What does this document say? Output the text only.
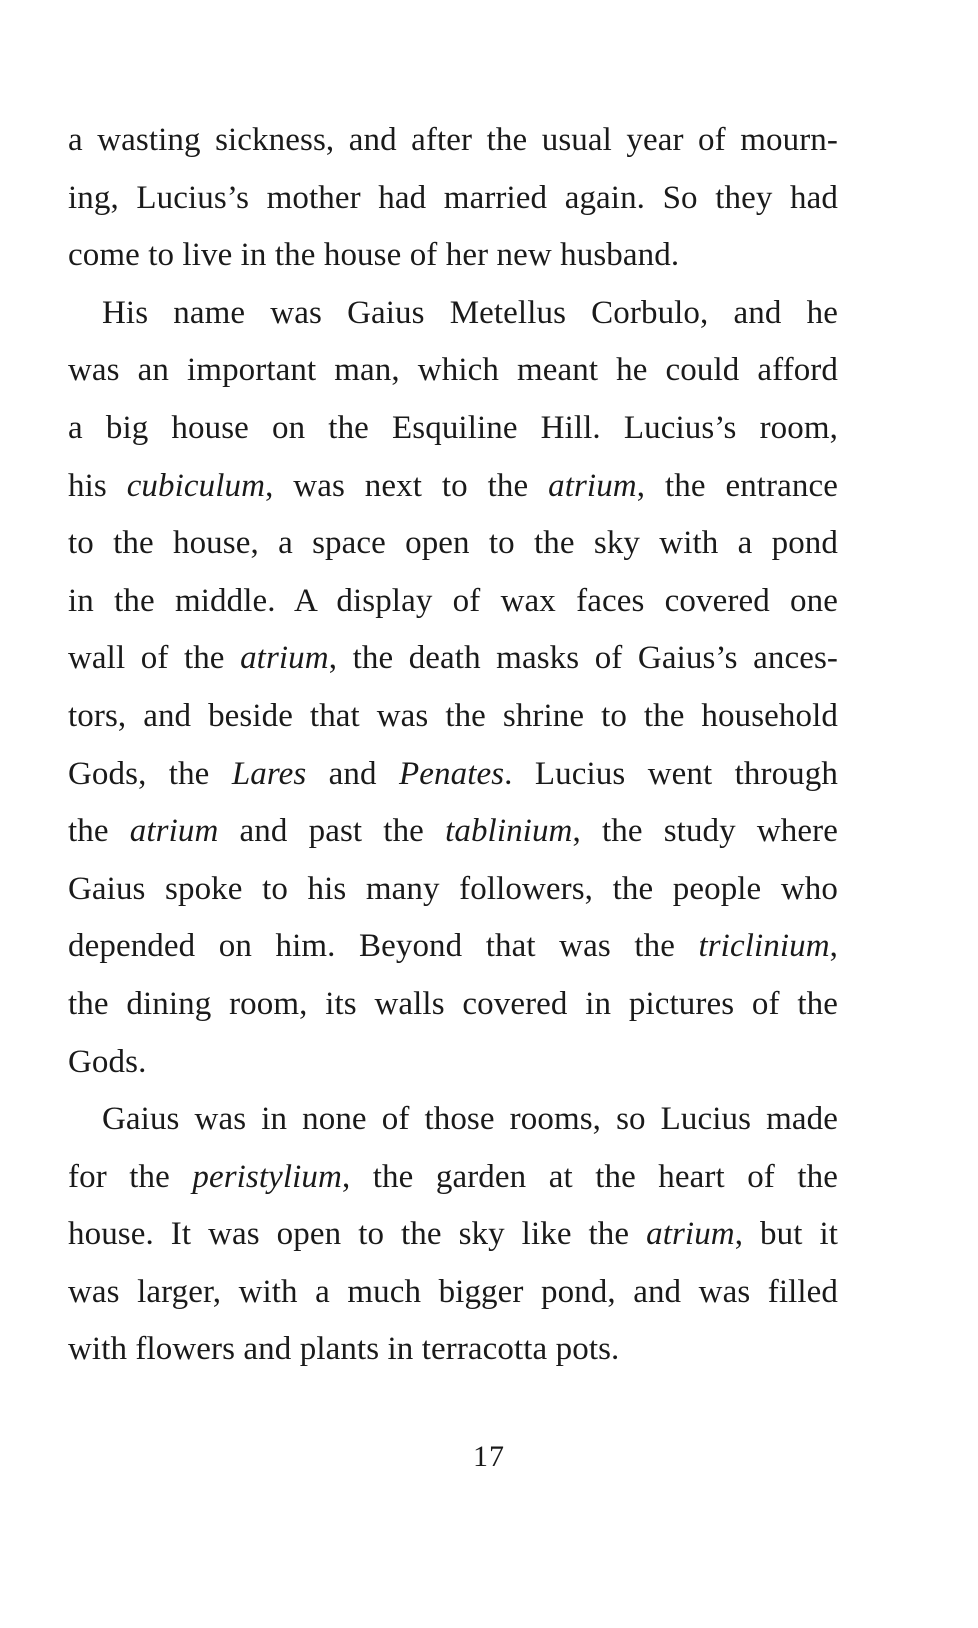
a wasting sickness, and after the usual year of mourn-
ing, Lucius’s mother had married again. So they had
come to live in the house of her new husband.
His name was Gaius Metellus Corbulo, and he
was an important man, which meant he could afford
a big house on the Esquiline Hill. Lucius’s room,
his cubiculum, was next to the atrium, the entrance
to the house, a space open to the sky with a pond
in the middle. A display of wax faces covered one
wall of the atrium, the death masks of Gaius’s ances-
tors, and beside that was the shrine to the household
Gods, the Lares and Penates. Lucius went through
the atrium and past the tablinium, the study where
Gaius spoke to his many followers, the people who
depended on him. Beyond that was the triclinium,
the dining room, its walls covered in pictures of the
Gods.
Gaius was in none of those rooms, so Lucius made
for the peristylium, the garden at the heart of the
house. It was open to the sky like the atrium, but it
was larger, with a much bigger pond, and was filled
with flowers and plants in terracotta pots.
17
